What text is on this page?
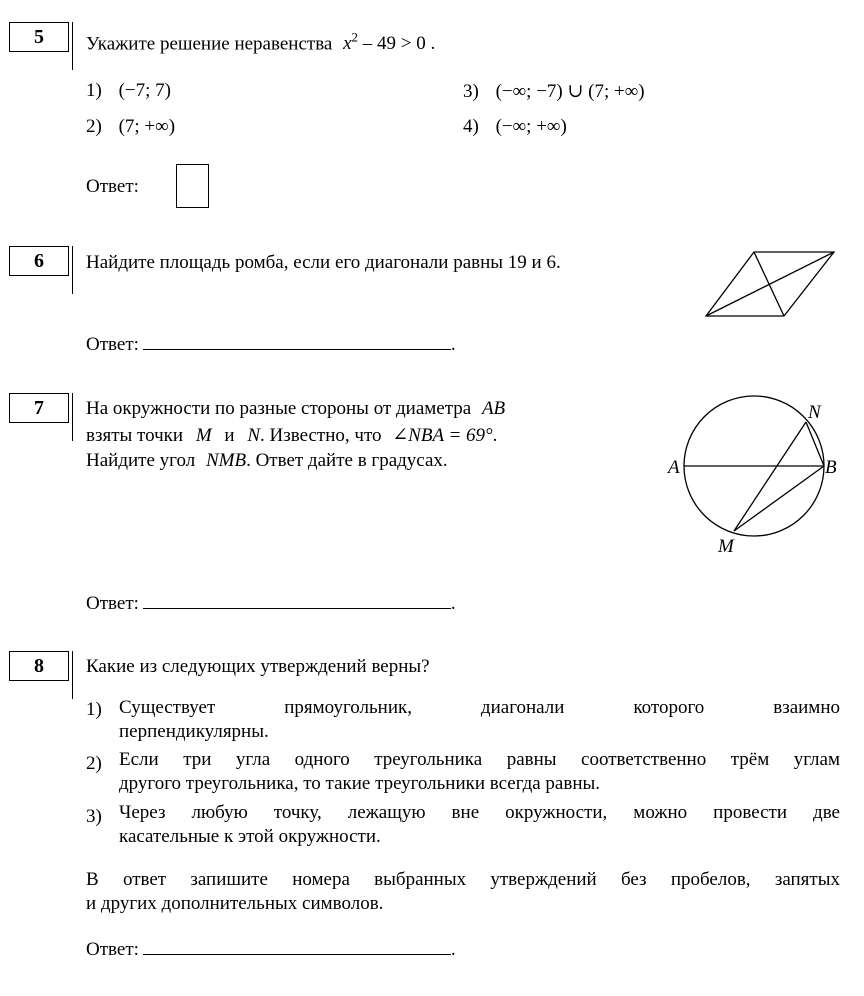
5 Укажите решение неравенства $x^2 - 49 > 0$ .
1) (−7; 7)
2) (7; +∞)
3) (−∞; −7) ∪ (7; +∞)
4) (−∞; +∞)
Ответ:
6 Найдите площадь ромба, если его диагонали равны 19 и 6.
Ответ:	.
7 На окружности по разные стороны от диаметра AB
взяты точки M и N. Известно, что ∠NBA = 69°.
Найдите угол NMB. Ответ дайте в градусах.	A	B
N
M
Ответ:	.
8 Какие из следующих утверждений верны?
1) Существует прямоугольник, диагонали которого взаимно
перпендикулярны.
2) Если три угла одного треугольника равны соответственно трём углам
другого треугольника, то такие треугольники всегда равны.
3) Через любую точку, лежащую вне окружности, можно провести две
касательные к этой окружности.
В ответ запишите номера выбранных утверждений без пробелов, запятых
и других дополнительных символов.
Ответ:	.
